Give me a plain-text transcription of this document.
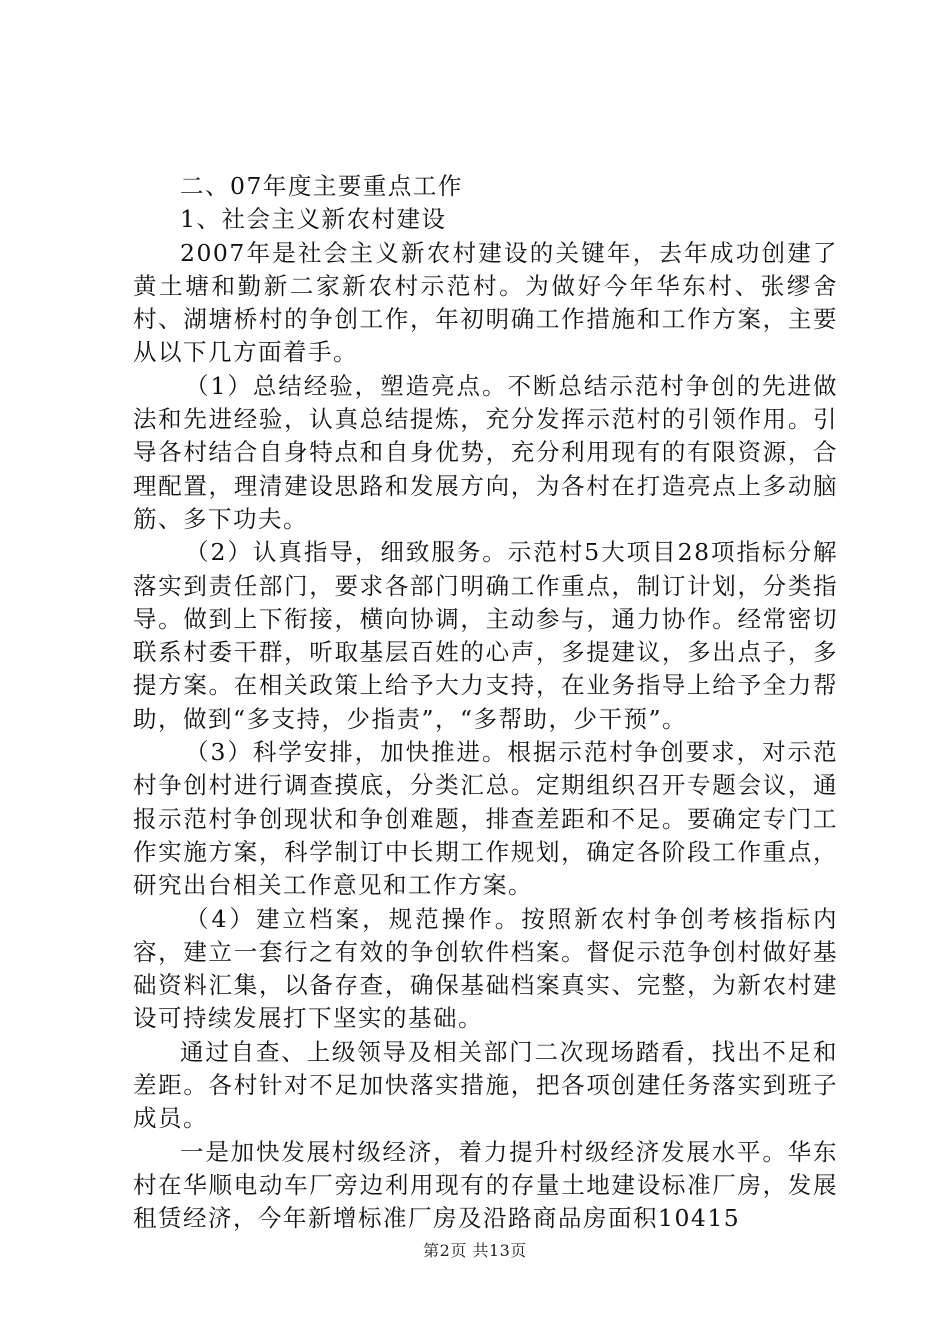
二、07年度主要重点工作

1、社会主义新农村建设

2007年是社会主义新农村建设的关键年，去年成功创建了黄土塘和勤新二家新农村示范村。为做好今年华东村、张缪舍村、湖塘桥村的争创工作，年初明确工作措施和工作方案，主要从以下几方面着手。

（1）总结经验，塑造亮点。不断总结示范村争创的先进做法和先进经验，认真总结提炼，充分发挥示范村的引领作用。引导各村结合自身特点和自身优势，充分利用现有的有限资源，合理配置，理清建设思路和发展方向，为各村在打造亮点上多动脑筋、多下功夫。

（2）认真指导，细致服务。示范村5大项目28项指标分解落实到责任部门，要求各部门明确工作重点，制订计划，分类指导。做到上下衔接，横向协调，主动参与，通力协作。经常密切联系村委干群，听取基层百姓的心声，多提建议，多出点子，多提方案。在相关政策上给予大力支持，在业务指导上给予全力帮助，做到“多支持，少指责”，“多帮助，少干预”。

（3）科学安排，加快推进。根据示范村争创要求，对示范村争创村进行调查摸底，分类汇总。定期组织召开专题会议，通报示范村争创现状和争创难题，排查差距和不足。要确定专门工作实施方案，科学制订中长期工作规划，确定各阶段工作重点，研究出台相关工作意见和工作方案。

（4）建立档案，规范操作。按照新农村争创考核指标内容，建立一套行之有效的争创软件档案。督促示范争创村做好基础资料汇集，以备存查，确保基础档案真实、完整，为新农村建设可持续发展打下坚实的基础。

通过自查、上级领导及相关部门二次现场踏看，找出不足和差距。各村针对不足加快落实措施，把各项创建任务落实到班子成员。

一是加快发展村级经济，着力提升村级经济发展水平。华东村在华顺电动车厂旁边利用现有的存量土地建设标准厂房，发展租赁经济，今年新增标准厂房及沿路商品房面积10415

第2页 共13页
